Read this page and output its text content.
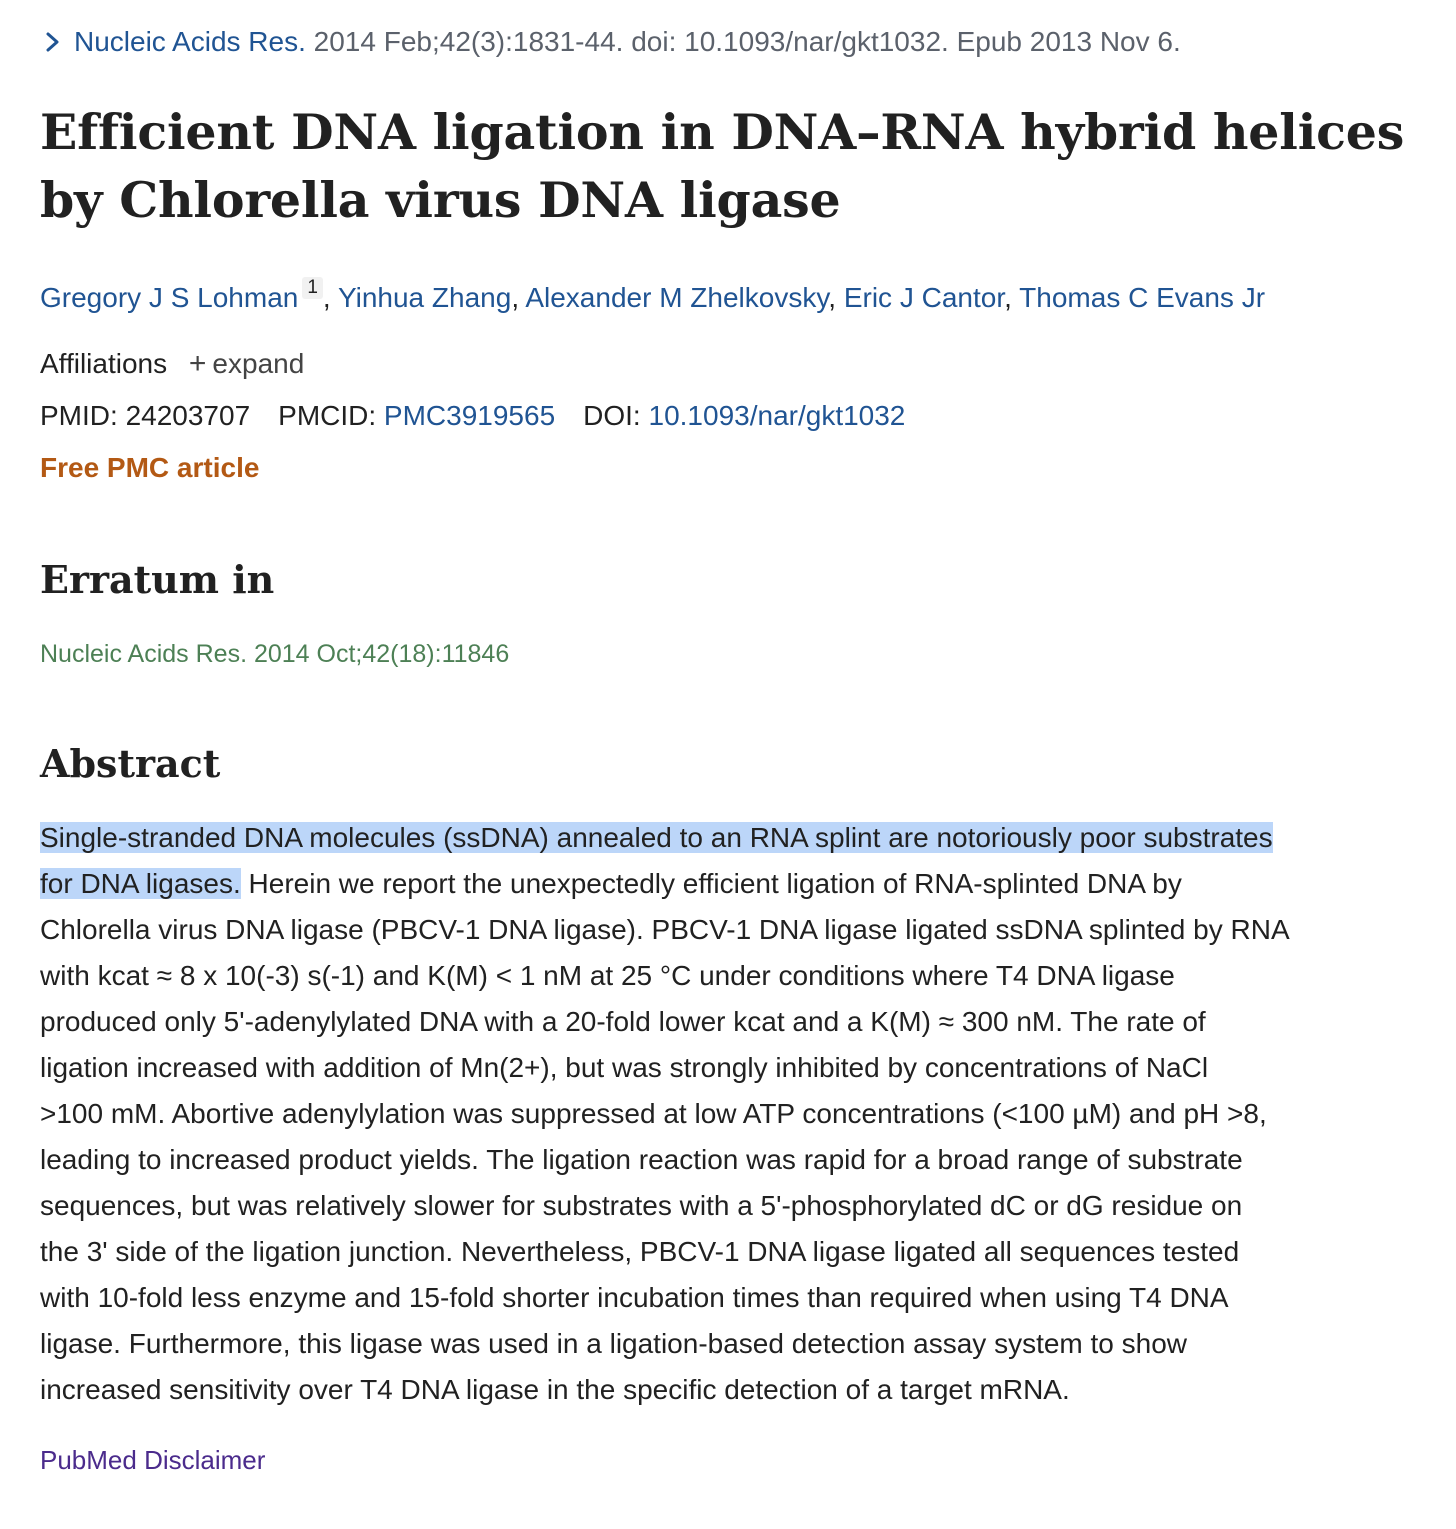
Nucleic Acids Res. 2014 Feb;42(3):1831-44. doi: 10.1093/nar/gkt1032. Epub 2013 Nov 6.
Efficient DNA ligation in DNA–RNA hybrid helices by Chlorella virus DNA ligase
Gregory J S Lohman $^1$ , Yinhua Zhang, Alexander M Zhelkovsky, Eric J Cantor, Thomas C Evans Jr
Affiliations + expand
PMID: 24203707 PMCID: PMC3919565 DOI: 10.1093/nar/gkt1032
Free PMC article
Erratum in
Nucleic Acids Res. 2014 Oct;42(18):11846
Abstract
Single-stranded DNA molecules (ssDNA) annealed to an RNA splint are notoriously poor substrates
for DNA ligases. Herein we report the unexpectedly efficient ligation of RNA-splinted DNA by
Chlorella virus DNA ligase (PBCV-1 DNA ligase). PBCV-1 DNA ligase ligated ssDNA splinted by RNA
with kcat ≈ 8 x 10(-3) s(-1) and K(M) < 1 nM at 25 °C under conditions where T4 DNA ligase
produced only 5'-adenylylated DNA with a 20-fold lower kcat and a K(M) ≈ 300 nM. The rate of
ligation increased with addition of Mn(2+), but was strongly inhibited by concentrations of NaCl
>100 mM. Abortive adenylylation was suppressed at low ATP concentrations (<100 µM) and pH >8,
leading to increased product yields. The ligation reaction was rapid for a broad range of substrate
sequences, but was relatively slower for substrates with a 5'-phosphorylated dC or dG residue on
the 3' side of the ligation junction. Nevertheless, PBCV-1 DNA ligase ligated all sequences tested
with 10-fold less enzyme and 15-fold shorter incubation times than required when using T4 DNA
ligase. Furthermore, this ligase was used in a ligation-based detection assay system to show
increased sensitivity over T4 DNA ligase in the specific detection of a target mRNA.
PubMed Disclaimer
